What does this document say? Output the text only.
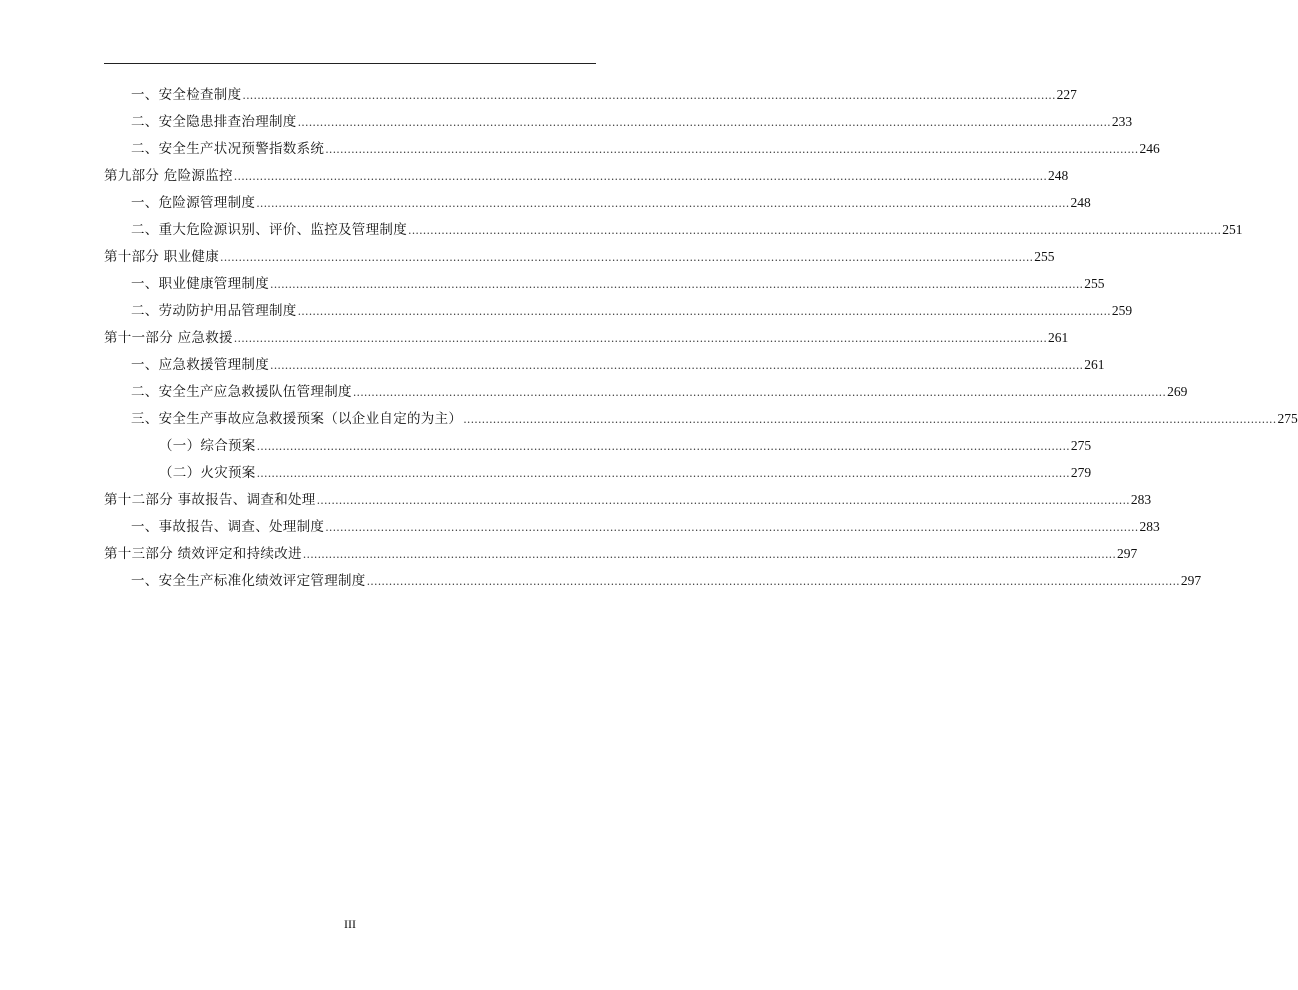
一、安全检查制度 ............................................................................................................................................................................................................................ 227
二、安全隐患排查治理制度 ............................................................................................................................................................................................................................ 233
二、安全生产状况预警指数系统 ............................................................................................................................................................................................................................ 246
第九部分 危险源监控 ............................................................................................................................................................................................................................ 248
一、危险源管理制度 ............................................................................................................................................................................................................................ 248
二、重大危险源识别、评价、监控及管理制度 ............................................................................................................................................................................................................................ 251
第十部分 职业健康 ............................................................................................................................................................................................................................ 255
一、职业健康管理制度 ............................................................................................................................................................................................................................ 255
二、劳动防护用品管理制度 ............................................................................................................................................................................................................................ 259
第十一部分 应急救援 ............................................................................................................................................................................................................................ 261
一、应急救援管理制度 ............................................................................................................................................................................................................................ 261
二、安全生产应急救援队伍管理制度 ............................................................................................................................................................................................................................ 269
三、安全生产事故应急救援预案（以企业自定的为主） ............................................................................................................................................................................................................................ 275
（一）综合预案 ............................................................................................................................................................................................................................ 275
（二）火灾预案 ............................................................................................................................................................................................................................ 279
第十二部分 事故报告、调查和处理 ............................................................................................................................................................................................................................ 283
一、事故报告、调查、处理制度 ............................................................................................................................................................................................................................ 283
第十三部分 绩效评定和持续改进 ............................................................................................................................................................................................................................ 297
一、安全生产标准化绩效评定管理制度 ............................................................................................................................................................................................................................ 297
III
